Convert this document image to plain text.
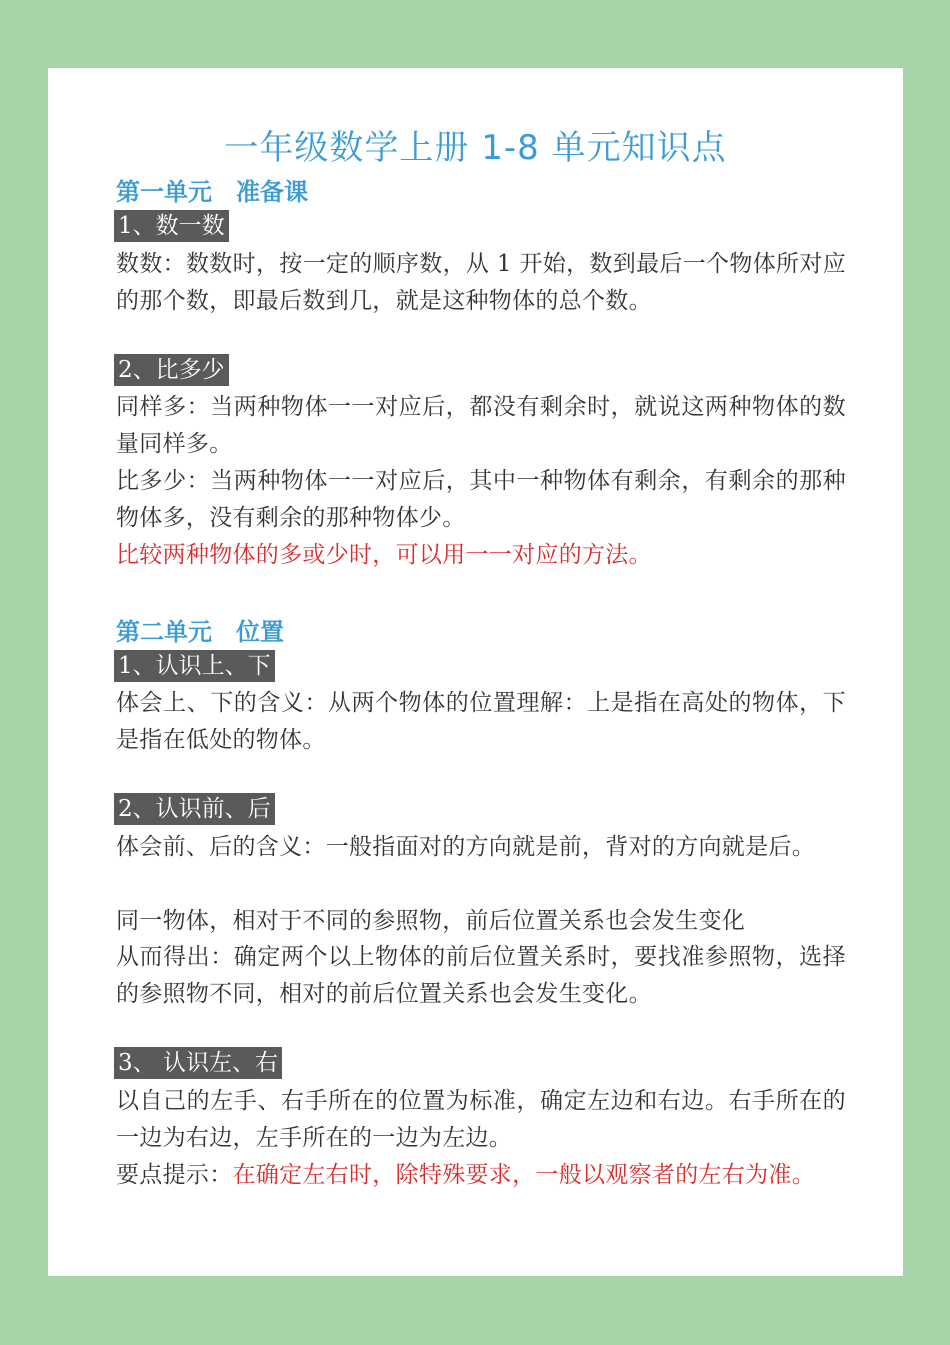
一年级数学上册 1-8 单元知识点
第一单元　准备课
1、数一数

数数：数数时，按一定的顺序数，从 1 开始，数到最后一个物体所对应的那个数，即最后数到几，就是这种物体的总个数。

2、比多少

同样多：当两种物体一一对应后，都没有剩余时，就说这两种物体的数量同样多。

比多少：当两种物体一一对应后，其中一种物体有剩余，有剩余的那种物体多，没有剩余的那种物体少。

比较两种物体的多或少时，可以用一一对应的方法。

第二单元　位置
1、认识上、下

体会上、下的含义：从两个物体的位置理解：上是指在高处的物体，下是指在低处的物体。

2、认识前、后

体会前、后的含义：一般指面对的方向就是前，背对的方向就是后。

同一物体，相对于不同的参照物，前后位置关系也会发生变化

从而得出：确定两个以上物体的前后位置关系时，要找准参照物，选择的参照物不同，相对的前后位置关系也会发生变化。

3、 认识左、右

以自己的左手、右手所在的位置为标准，确定左边和右边。右手所在的一边为右边，左手所在的一边为左边。

要点提示：在确定左右时，除特殊要求，一般以观察者的左右为准。
